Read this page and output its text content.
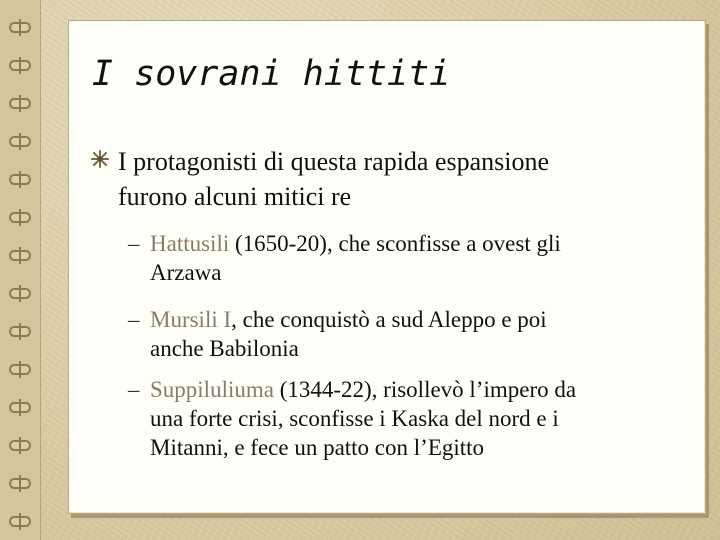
I sovrani hittiti

I protagonisti di questa rapida espansione
furono alcuni mitici re

– Hattusili (1650-20), che sconfisse a ovest gli
Arzawa

– Mursili I, che conquistò a sud Aleppo e poi
anche Babilonia

– Suppiluliuma (1344-22), risollevò l’impero da
una forte crisi, sconfisse i Kaska del nord e i
Mitanni, e fece un patto con l’Egitto
